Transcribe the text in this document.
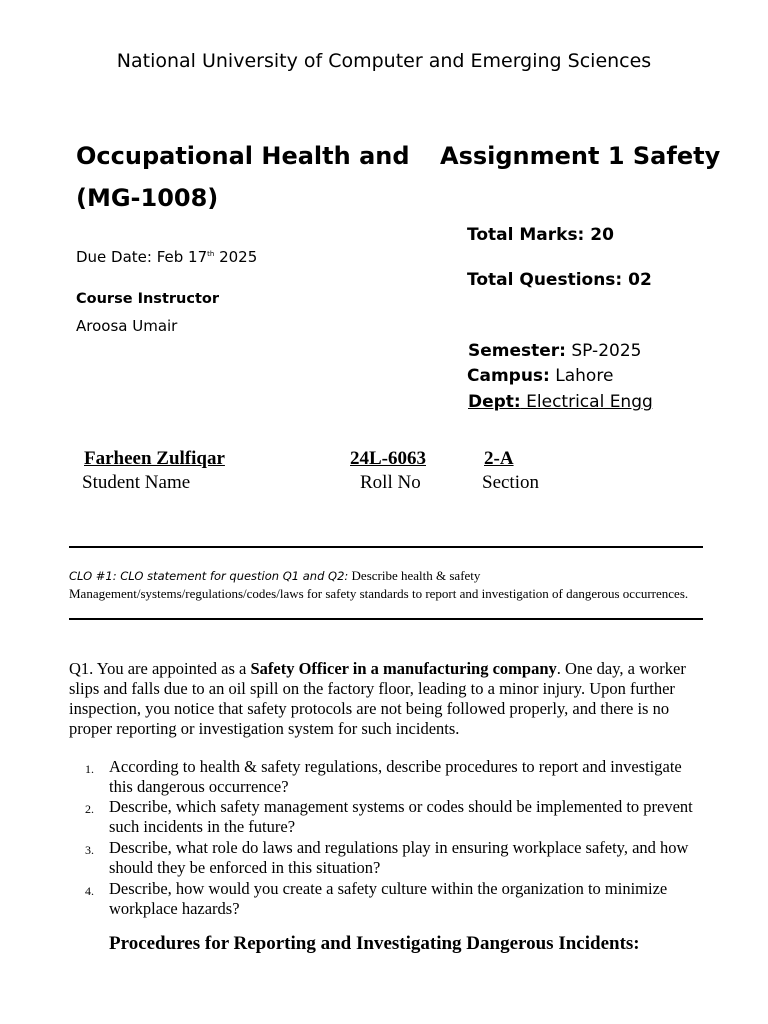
National University of Computer and Emerging Sciences
Occupational Health and
(MG-1008)
Assignment 1 Safety
Due Date: Feb 17th 2025
Course Instructor
Aroosa Umair
Total Marks: 20
Total Questions: 02
Semester: SP-2025
Campus: Lahore
Dept: Electrical Engg
Farheen Zulfiqar	24L-6063	2-A
Student Name	Roll No	Section
CLO #1: CLO statement for question Q1 and Q2: Describe health & safety Management/systems/regulations/codes/laws for safety standards to report and investigation of dangerous occurrences.
Q1. You are appointed as a Safety Officer in a manufacturing company. One day, a worker slips and falls due to an oil spill on the factory floor, leading to a minor injury. Upon further inspection, you notice that safety protocols are not being followed properly, and there is no proper reporting or investigation system for such incidents.
1. According to health & safety regulations, describe procedures to report and investigate this dangerous occurrence?
2. Describe, which safety management systems or codes should be implemented to prevent such incidents in the future?
3. Describe, what role do laws and regulations play in ensuring workplace safety, and how should they be enforced in this situation?
4. Describe, how would you create a safety culture within the organization to minimize workplace hazards?
Procedures for Reporting and Investigating Dangerous Incidents:
